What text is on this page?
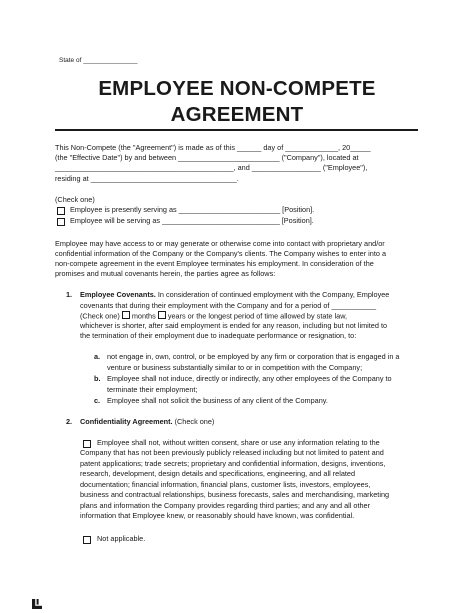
State of _______________
EMPLOYEE NON-COMPETE
AGREEMENT
This Non-Compete (the "Agreement") is made as of this ______ day of _____________, 20_____
(the "Effective Date") by and between _________________________ ("Company"), located at
____________________________________________, and _________________ ("Employee"),
residing at ____________________________________.
(Check one)
Employee is presently serving as _________________________ [Position].
Employee will be serving as _____________________________ [Position].
Employee may have access to or may generate or otherwise come into contact with proprietary and/or
confidential information of the Company or the Company's clients. The Company wishes to enter into a
non-compete agreement in the event Employee terminates his employment. In consideration of the
promises and mutual covenants herein, the parties agree as follows:
1. Employee Covenants. In consideration of continued employment with the Company, Employee
covenants that during their employment with the Company and for a period of ___________
(Check one) months years or the longest period of time allowed by state law,
whichever is shorter, after said employment is ended for any reason, including but not limited to
the termination of their employment due to inadequate performance or resignation, to:
a. not engage in, own, control, or be employed by any firm or corporation that is engaged in a
venture or business substantially similar to or in competition with the Company;
b. Employee shall not induce, directly or indirectly, any other employees of the Company to
terminate their employment;
c. Employee shall not solicit the business of any client of the Company.
2. Confidentiality Agreement. (Check one)
Employee shall not, without written consent, share or use any information relating to the
Company that has not been previously publicly released including but not limited to patent and
patent applications; trade secrets; proprietary and confidential information, designs, inventions,
research, development, design details and specifications, engineering, and all related
documentation; financial information, financial plans, customer lists, investors, employees,
business and contractual relationships, business forecasts, sales and merchandising, marketing
plans and information the Company provides regarding third parties; and any and all other
information that Employee knew, or reasonably should have known, was confidential.
Not applicable.
